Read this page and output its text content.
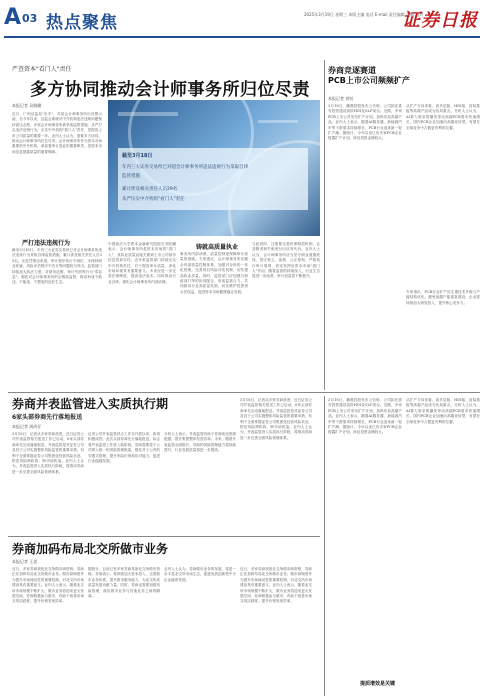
A 03 热点聚焦	2025年3月19日 星期三 本版主编 电话 E-mail 责任编辑 美编 校对
证券日报
严查资本"看门人"责任
多方协同推动会计师事务所归位尽责
本报记者 吴晓璐
近日，广州证监局"出手"，对某会计师事务所出具警示函，自今年以来，证监会系统对中介机构违法违规问题保持高压态势，多家会计师事务所被采取监管措施。从严打击违法违规行为，压实中介机构"看门人"责任，是提高上市公司质量的重要一环。业内人士认为，需要多方协同，推动会计师事务所归位尽责。会计师事务所作为资本市场重要的中介机构，承担着审计鉴证的重要职责，是资本市场信息披露质量的重要保障。
严打违法违规行为
截至3月18日，年内三大证券交易所已对会计师事务所违法违规行为采取自律监管措施，累计涉及相关责任人员29名。从处罚情况来看，审计程序执行不到位、未保持职业怀疑、风险评估程序不充分等问题较为突出。监管部门持续加大执法力度，对财务造假、审计失职等行为"零容忍"，强化对会计师事务所的全链条监管，推动形成不敢违、不能违、不想违的良好生态。
截至3月18日
年内三大证券交易所已对超会计师事务所违法违规行为采取自律
监管措施
累计涉及相关责任人员29名
从严压实中介机构"看门人"责任
中国政法大学资本金融研究院院长刘纪鹏表示，会计师事务所是资本市场的"看门人"，其执业质量直接关系到上市公司财务信息的真实性。近年来监管部门持续压实中介机构责任，对于提高审计质量、净化市场环境具有重要意义。未来应进一步完善法律制度，提高违法成本，同时推动行业自律，强化会计师事务所内部治理。
铸就高质量执业
事务所内部治理、质量控制是保障审计质量的基础。专家建议，会计师事务所应健全内部质量控制体系，加强对分所的一体化管理，完善项目风险评估机制，切实提高执业质量。同时，监管部门应加强与财政部门等的协同配合，形成监管合力，共同推动行业高质量发展，切实维护投资者合法权益，促进资本市场健康稳定发展。
与此同时，还需要完善民事赔偿机制，让造假者和失职者付出应有代价。业内人士认为，会计师事务所应当坚守职业道德底线，恪守独立、客观、公正原则，严格执行审计准则，切实发挥好资本市场"看门人"作用。随着监管的持续深入，行业生态将进一步改善，审计质量将不断提升。
券商竞逐赛道
PCB上市公司频频扩产
本报记者 刘钊
3月18日，鹏鼎控股发布公告称，公司拟在淮安投资建设高阶HDI及SLP项目。近期，多家PCB上市公司发布扩产计划，加码布局高端产品。业内人士表示，随着AI服务器、新能源汽车等下游需求持续增长，PCB行业迎来新一轮扩产潮。据统计，今年以来已有多家PCB企业披露扩产计划，涉及投资金额较大。
从扩产方向来看，高多层板、HDI板、封装基板等高端产品成为布局重点。分析人士认为，AI算力需求的爆发带动高端PCB需求快速增长，国内PCB企业加速向高端化转型，有望在全球竞争中占据更有利的位置。
专家指出，PCB行业扩产应注重技术升级与产能结构优化，避免低端产能重复建设，企业需持续加大研发投入，提升核心竞争力。
券商并表监管进入实质执行期
6家头部券商先行落地报送
本报记者 周尚仔
3月18日，记者从多家券商获悉，近日证券公司并表监管相关报送工作已启动，6家头部券商率先完成落地报送。并表监管是对证券公司及其子公司实施整体风险监管的重要举措，有利于全面掌握证券公司集团化经营风险状况，防范风险跨机构、跨市场传染。业内人士认为，并表监管进入实质执行阶段，将推动券商进一步完善全面风险管理体系。
证券公司并表监管试点工作自开展以来，取得积极成效。此次头部券商先行落地报送，标志着并表监管工作进入新阶段。券商需要将子公司纳入统一的风险管理框架，强化对子公司的穿透式管理，提升风险识别和应对能力，促进行业稳健发展。
分析人士表示，并表监管有助于券商优化资源配置，提升集团整体经营效率。未来，随着并表监管全面推开，券商的风险管理能力将持续提升，行业发展质量将进一步提高。
3月18日，记者从多家券商获悉，近日证券公司并表监管相关报送工作已启动，6家头部券商率先完成落地报送。并表监管是对证券公司及其子公司实施整体风险监管的重要举措，有利于全面掌握证券公司集团化经营风险状况，防范风险跨机构、跨市场传染。业内人士认为，并表监管进入实质执行阶段，将推动券商进一步完善全面风险管理体系。
3月18日，鹏鼎控股发布公告称，公司拟在淮安投资建设高阶HDI及SLP项目。近期，多家PCB上市公司发布扩产计划，加码布局高端产品。业内人士表示，随着AI服务器、新能源汽车等下游需求持续增长，PCB行业迎来新一轮扩产潮。据统计，今年以来已有多家PCB企业披露扩产计划，涉及投资金额较大。
从扩产方向来看，高多层板、HDI板、封装基板等高端产品成为布局重点。分析人士认为，AI算力需求的爆发带动高端PCB需求快速增长，国内PCB企业加速向高端化转型，有望在全球竞争中占据更有利的位置。
提质增效是关键
券商加码布局北交所做市业务
本报记者 王思
近日，多家券商获批北交所做市商资格，券商正在加码布局北交所做市业务。做市商制度作为提升市场流动性的重要机制，对北交所市场建设具有重要意义。业内人士表示，随着北交所市场规模不断扩大，做市业务将迎来更大发展空间，券商积极参与做市，有助于改善市场交易活跃度，提升价格发现效率。
据统计，目前已有多家券商具备北交所做市资格。券商表示，将持续加大资本投入，完善做市业务体系，提升做市服务能力，为北交所高质量发展贡献力量。同时，券商也需要加强风险管理，做好做市业务与其他业务之间的隔离。
业内人士认为，券商做市业务的发展，将进一步丰富北交所市场生态，促进优质创新型中小企业融资发展。
近日，多家券商获批北交所做市商资格，券商正在加码布局北交所做市业务。做市商制度作为提升市场流动性的重要机制，对北交所市场建设具有重要意义。业内人士表示，随着北交所市场规模不断扩大，做市业务将迎来更大发展空间，券商积极参与做市，有助于改善市场交易活跃度，提升价格发现效率。
